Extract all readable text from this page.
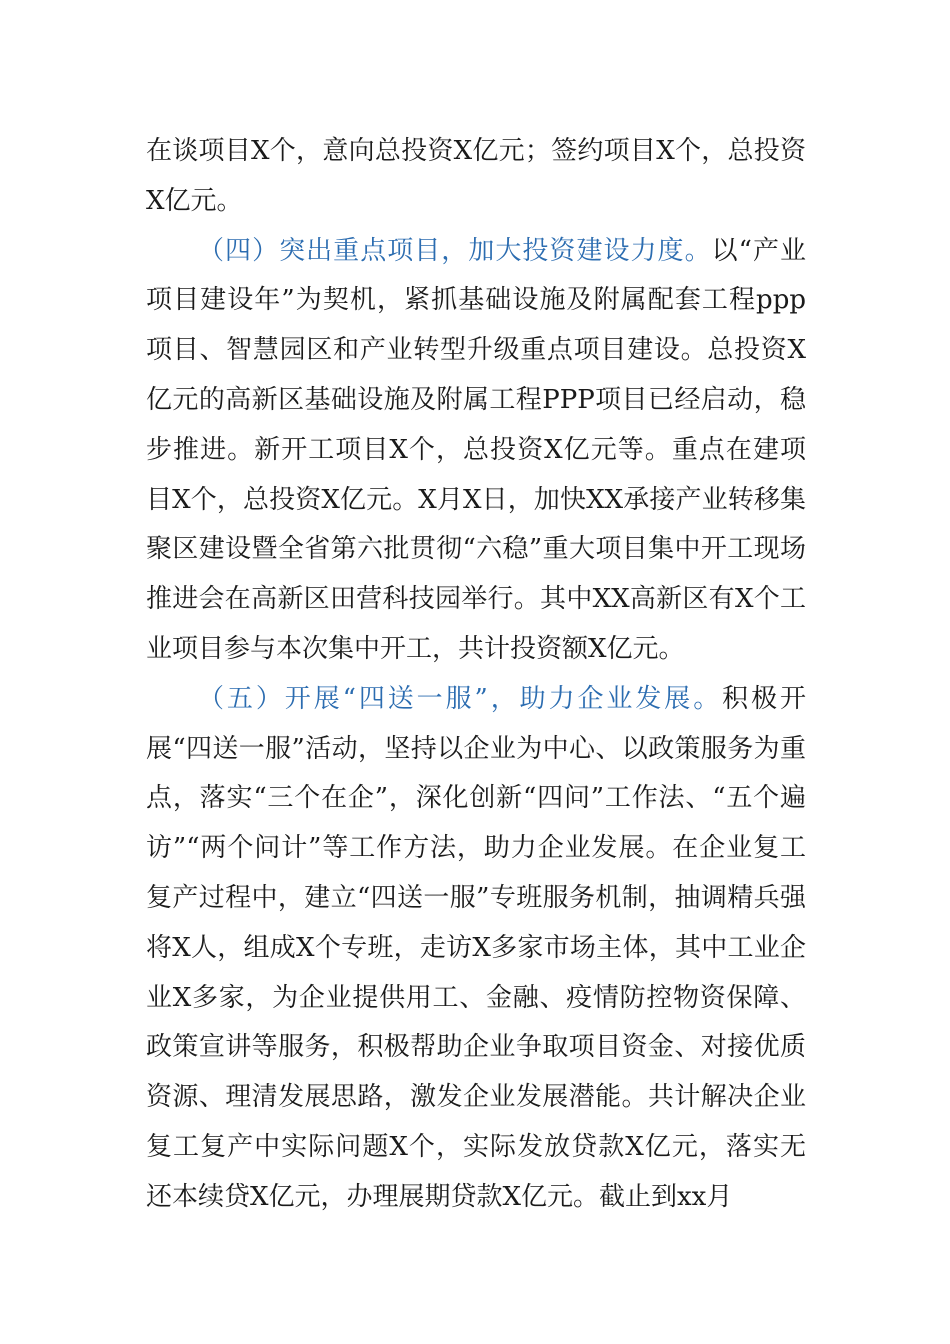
在谈项目X个，意向总投资X亿元；签约项目X个，总投资X亿元。

（四）突出重点项目，加大投资建设力度。以“产业项目建设年”为契机，紧抓基础设施及附属配套工程ppp项目、智慧园区和产业转型升级重点项目建设。总投资X亿元的高新区基础设施及附属工程PPP项目已经启动，稳步推进。新开工项目X个，总投资X亿元等。重点在建项目X个，总投资X亿元。X月X日，加快XX承接产业转移集聚区建设暨全省第六批贯彻“六稳”重大项目集中开工现场推进会在高新区田营科技园举行。其中XX高新区有X个工业项目参与本次集中开工，共计投资额X亿元。

（五）开展“四送一服”，助力企业发展。积极开展“四送一服”活动，坚持以企业为中心、以政策服务为重点，落实“三个在企”，深化创新“四问”工作法、“五个遍访”“两个问计”等工作方法，助力企业发展。在企业复工复产过程中，建立“四送一服”专班服务机制，抽调精兵强将X人，组成X个专班，走访X多家市场主体，其中工业企业X多家，为企业提供用工、金融、疫情防控物资保障、政策宣讲等服务，积极帮助企业争取项目资金、对接优质资源、理清发展思路，激发企业发展潜能。共计解决企业复工复产中实际问题X个，实际发放贷款X亿元，落实无还本续贷X亿元，办理展期贷款X亿元。截止到xx月
